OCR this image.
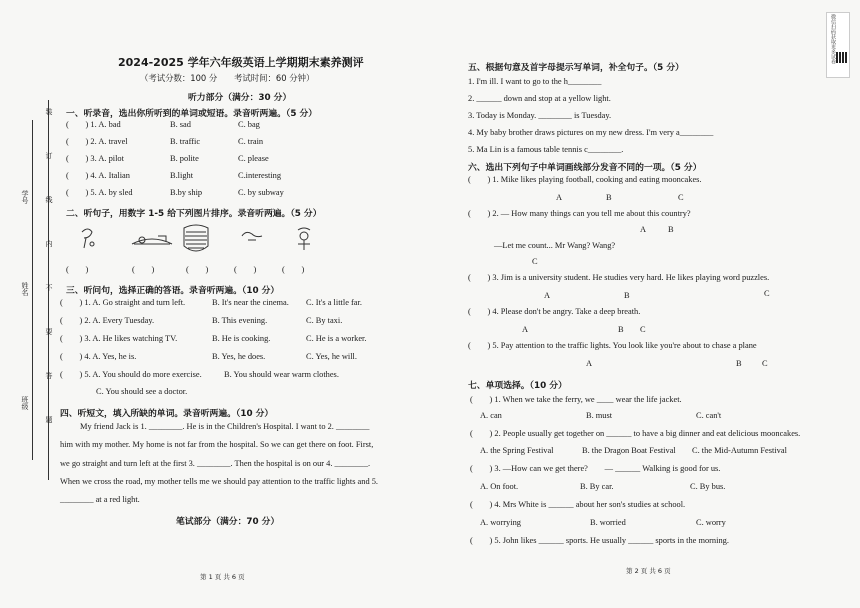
装
订
线
内
不
要
答
题
学号
姓名
班级
2024-2025 学年六年级英语上学期期末素养测评
（考试分数：100 分　　考试时间：60 分钟）
听力部分（满分：30 分）
一、听录音，选出你所听到的单词或短语。录音听两遍。（5 分）
(　　) 1. A. bad	B. sad	C. bag
(　　) 2. A. travel	B. traffic	C. train
(　　) 3. A. pilot	B. polite	C. please
(　　) 4. A. Italian	B.light	C.interesting
(　　) 5. A. by sled	B.by ship	C. by subway
二、听句子，用数字 1-5 给下列图片排序。录音听两遍。（5 分）
(　　)	(　　)	(　　)	(　　)	(　　)
三、听问句，选择正确的答语。录音听两遍。（10 分）
(　　) 1. A. Go straight and turn left.	B. It's near the cinema. C. It's a little far.
(　　) 2. A. Every Tuesday.	B. This evening.	C. By taxi.
(　　) 3. A. He likes watching TV.	B. He is cooking.	C. He is a worker.
(　　) 4. A. Yes, he is.	B. Yes, he does.	C. Yes, he will.
(　　) 5. A. You should do more exercise.	B. You should wear warm clothes.
C. You should see a doctor.
四、听短文，填入所缺的单词。录音听两遍。（10 分）
My friend Jack is 1. ________. He is in the Children's Hospital. I want to 2. ________
him with my mother. My home is not far from the hospital. So we can get there on foot. First,
we go straight and turn left at the first 3. ________. Then the hospital is on our 4. ________.
When we cross the road, my mother tells me we should pay attention to the traffic lights and 5.
________ at a red light.
笔试部分（满分：70 分）
第 1 页 共 6 页
五、根据句意及首字母提示写单词，补全句子。（5 分）
1. I'm ill. I want to go to the h________
2. ______ down and stop at a yellow light.
3. Today is Monday. ________ is Tuesday.
4. My baby brother draws pictures on my new dress. I'm very a________
5. Ma Lin is a famous table tennis c________.
六、选出下列句子中单词画线部分发音不同的一项。（5 分）
(　　) 1. Mike likes playing football, cooking and eating mooncakes.
A	B	C
(　　) 2. — How many things can you tell me about this country?
A	B
—Let me count... Mr Wang? Wang?
C
(　　) 3. Jim is a university student. He studies very hard. He likes playing word puzzles.
A	B	C
(　　) 4. Please don't be angry. Take a deep breath.
A	B C
(　　) 5. Pay attention to the traffic lights. You look like you're about to chase a plane
A	B C
七、单项选择。（10 分）
(　　) 1. When we take the ferry, we ____ wear the life jacket.
A. can	B. must	C. can't
(　　) 2. People usually get together on ______ to have a big dinner and eat delicious mooncakes.
A. the Spring Festival	B. the Dragon Boat Festival C. the Mid-Autumn Festival
(　　) 3. —How can we get there?　　— ______ Walking is good for us.
A. On foot.	B. By car.	C. By bus.
(　　) 4. Mrs White is ______ about her son's studies at school.
A. worrying	B. worried	C. worry
(　　) 5. John likes ______ sports. He usually ______ sports in the morning.
第 2 页 共 6 页
微信扫码获取更多试卷
